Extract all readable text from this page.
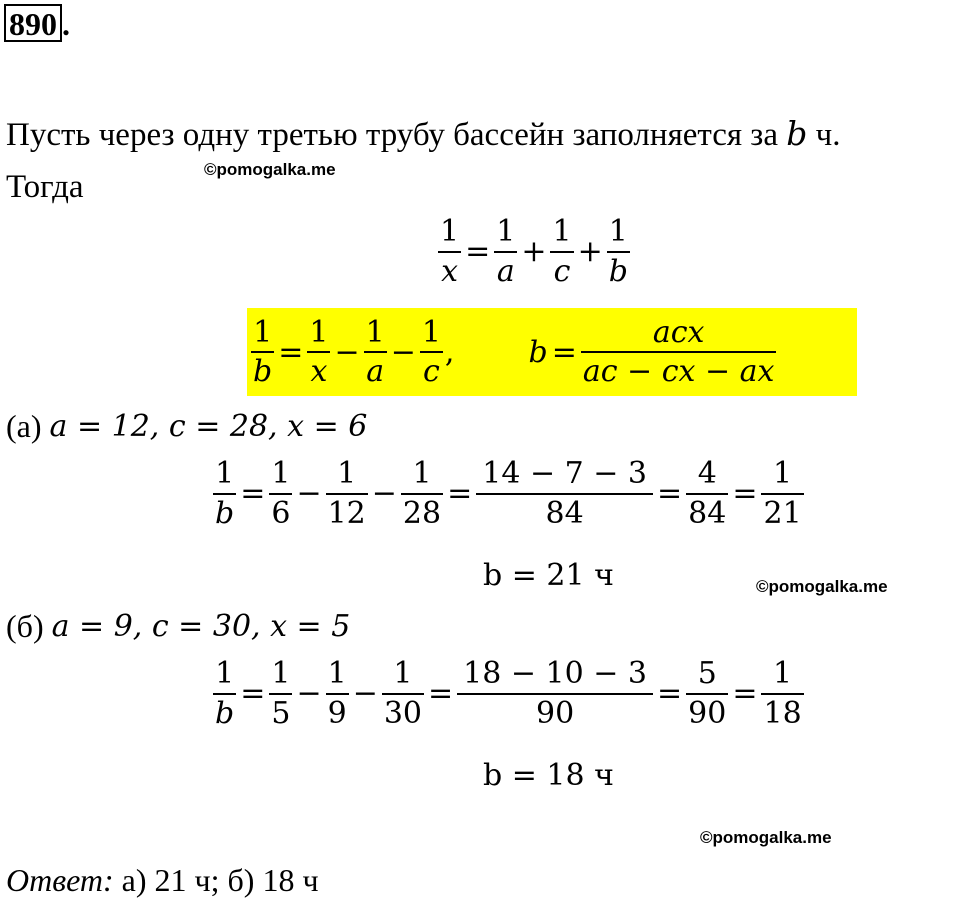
890 .
Пусть через одну третью трубу бассейн заполняется за b ч.
©pomogalka.me
Тогда
$\frac{1}{x} = \frac{1}{a} + \frac{1}{c} + \frac{1}{b}$
$\frac{1}{b} = \frac{1}{x} - \frac{1}{a} - \frac{1}{c}$ , $b = \frac{\text{acx}}{ac - cx - ax}$
(а) a = 12, c = 28, x = 6
$\frac{1}{b} = \frac{1}{6} - \frac{1}{12} - \frac{1}{28} = \frac{14 - 7 - 3}{84} = \frac{4}{84} = \frac{1}{21}$
b = 21 ч	©pomogalka.me
(б) a = 9, c = 30, x = 5
$\frac{1}{b} = \frac{1}{5} - \frac{1}{9} - \frac{1}{30} = \frac{18 - 10 - 3}{90} = \frac{5}{90} = \frac{1}{18}$
b = 18 ч
©pomogalka.me
Ответ: а) 21 ч; б) 18 ч
